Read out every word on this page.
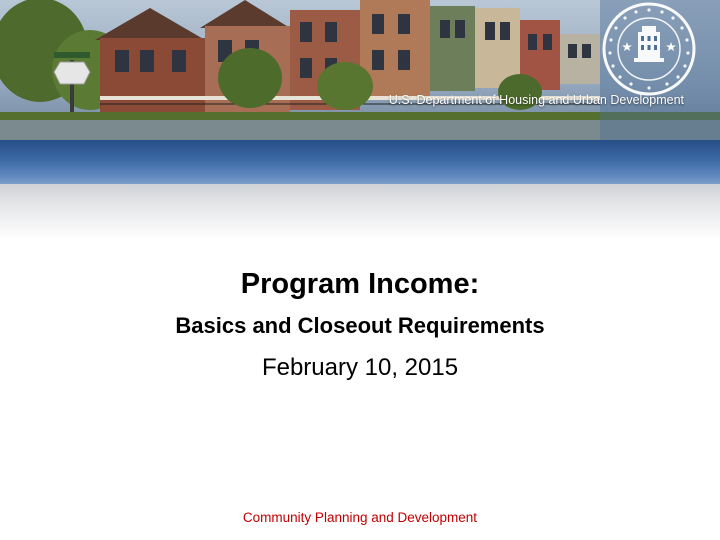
U.S. Department of Housing and Urban Development
Program Income:
Basics and Closeout Requirements
February 10, 2015
Community Planning and Development
